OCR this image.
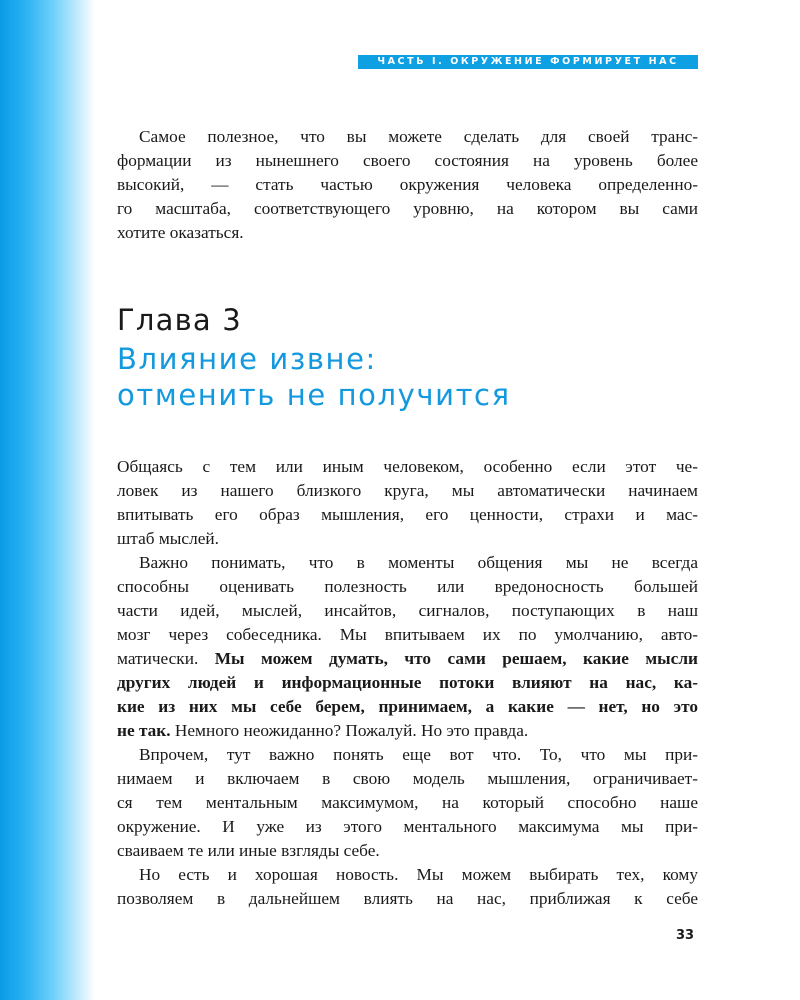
ЧАСТЬ I. ОКРУЖЕНИЕ ФОРМИРУЕТ НАС

Самое полезное, что вы можете сделать для своей транс-
формации из нынешнего своего состояния на уровень более
высокий, — стать частью окружения человека определенно-
го масштаба, соответствующего уровню, на котором вы сами
хотите оказаться.

Глава 3
Влияние извне:
отменить не получится

Общаясь с тем или иным человеком, особенно если этот че-
ловек из нашего близкого круга, мы автоматически начинаем
впитывать его образ мышления, его ценности, страхи и мас-
штаб мыслей.

Важно понимать, что в моменты общения мы не всегда
способны оценивать полезность или вредоносность большей
части идей, мыслей, инсайтов, сигналов, поступающих в наш
мозг через собеседника. Мы впитываем их по умолчанию, авто-
матически. Мы можем думать, что сами решаем, какие мысли
других людей и информационные потоки влияют на нас, ка-
кие из них мы себе берем, принимаем, а какие — нет, но это
не так. Немного неожиданно? Пожалуй. Но это правда.

Впрочем, тут важно понять еще вот что. То, что мы при-
нимаем и включаем в свою модель мышления, ограничивает-
ся тем ментальным максимумом, на который способно наше
окружение. И уже из этого ментального максимума мы при-
сваиваем те или иные взгляды себе.

Но есть и хорошая новость. Мы можем выбирать тех, кому
позволяем в дальнейшем влиять на нас, приближая к себе

33
